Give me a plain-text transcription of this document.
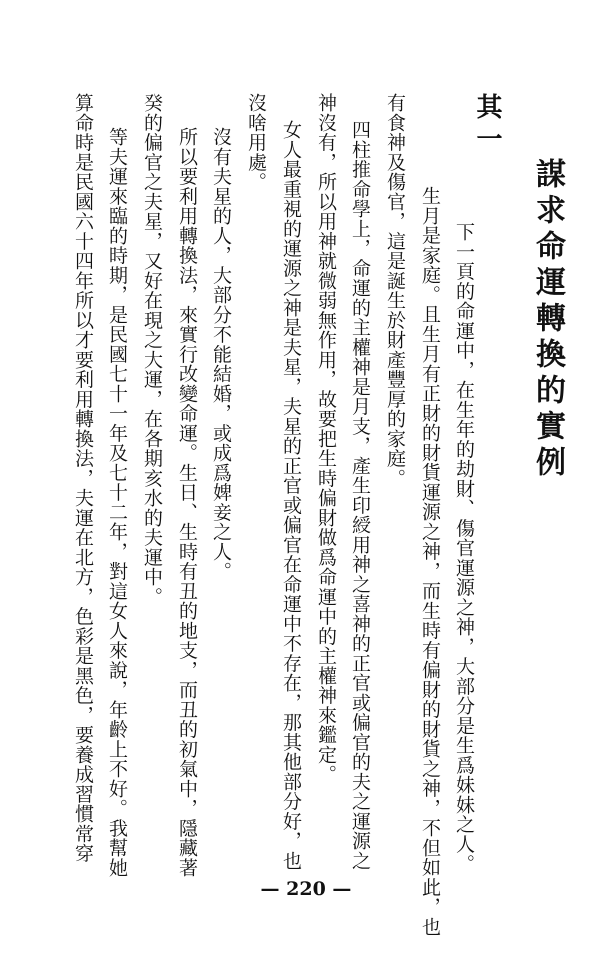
謀求命運轉換的實例
其一
下一頁的命運中，在生年的劫財、傷官運源之神，大部分是生爲妹妹之人。
生月是家庭。且生月有正財的財貨運源之神，而生時有偏財的財貨之神，不但如此，也
有食神及傷官，這是誕生於財產豐厚的家庭。
四柱推命學上，命運的主權神是月支，產生印綬用神之喜神的正官或偏官的夫之運源之
神沒有，所以用神就微弱無作用，故要把生時偏財做爲命運中的主權神來鑑定。
女人最重視的運源之神是夫星，夫星的正官或偏官在命運中不存在，那其他部分好，也
沒啥用處。
沒有夫星的人，大部分不能結婚，或成爲婢妾之人。
所以要利用轉換法，來實行改變命運。生日、生時有丑的地支，而丑的初氣中，隱藏著
癸的偏官之夫星，又好在現之大運，在各期亥水的夫運中。
等夫運來臨的時期，是民國七十一年及七十二年，對這女人來說，年齡上不好。我幫她
算命時是民國六十四年所以才要利用轉換法，夫運在北方，色彩是黑色，要養成習慣常穿
— 220 —
